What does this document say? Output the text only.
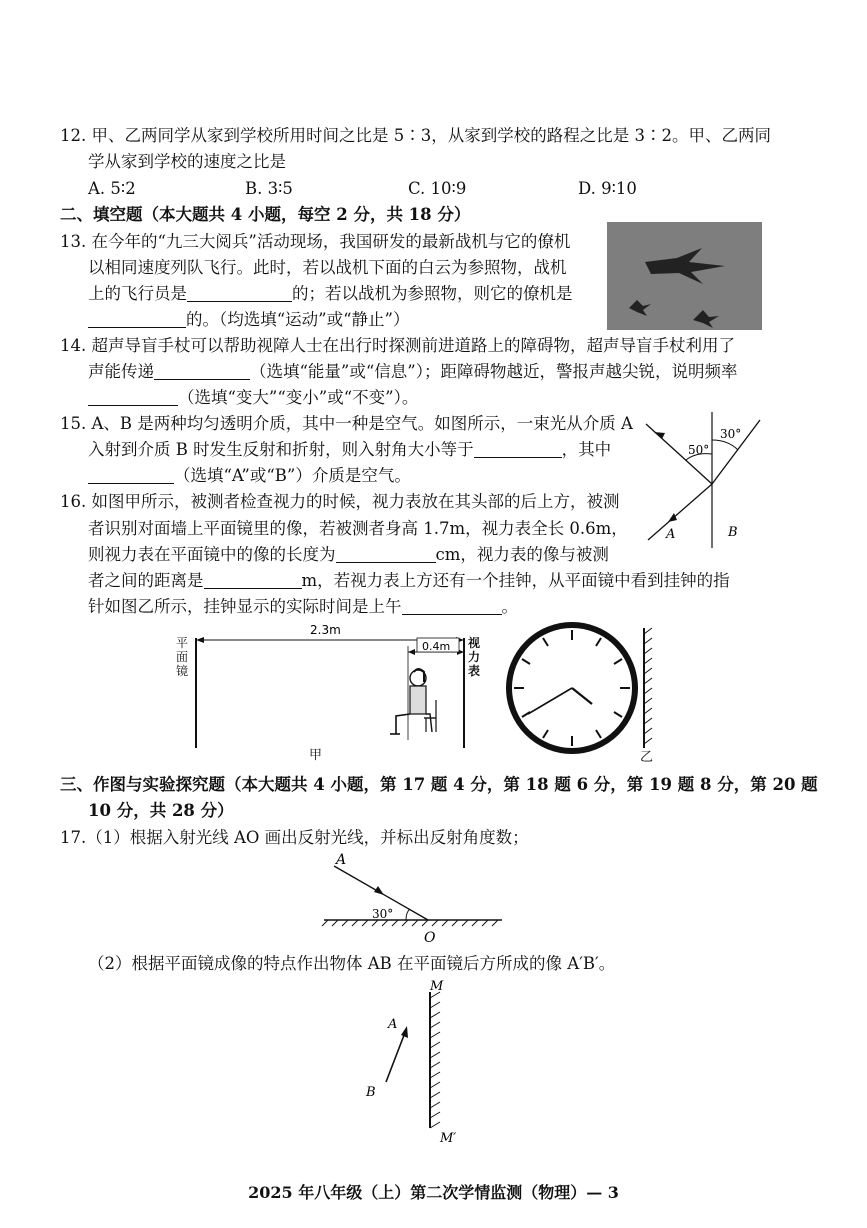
12. 甲、乙两同学从家到学校所用时间之比是 5∶3，从家到学校的路程之比是 3∶2。甲、乙两同
学从家到学校的速度之比是
A. 5∶2	B. 3∶5	C. 10∶9	D. 9∶10
二、填空题（本大题共 4 小题，每空 2 分，共 18 分）
13. 在今年的“九三大阅兵”活动现场，我国研发的最新战机与它的僚机
以相同速度列队飞行。此时，若以战机下面的白云为参照物，战机
上的飞行员是	的；若以战机为参照物，则它的僚机是
的。（均选填“运动”或“静止”）
14. 超声导盲手杖可以帮助视障人士在出行时探测前进道路上的障碍物，超声导盲手杖利用了
声能传递	（选填“能量”或“信息”）；距障碍物越近，警报声越尖锐，说明频率
（选填“变大”“变小”或“不变”）。
15. A、B 是两种均匀透明介质，其中一种是空气。如图所示，一束光从介质 A
入射到介质 B 时发生反射和折射，则入射角大小等于	，其中
（选填“A”或“B”）介质是空气。
50°
30°
A	B
16. 如图甲所示，被测者检查视力的时候，视力表放在其头部的后上方，被测
者识别对面墙上平面镜里的像，若被测者身高 1.7m，视力表全长 0.6m，
则视力表在平面镜中的像的长度为	cm，视力表的像与被测
者之间的距离是	m，若视力表上方还有一个挂钟，从平面镜中看到挂钟的指
针如图乙所示，挂钟显示的实际时间是上午	。
2.3m
0.4m
平面镜
视力表
甲	乙
三、作图与实验探究题（本大题共 4 小题，第 17 题 4 分，第 18 题 6 分，第 19 题 8 分，第 20 题
10 分，共 28 分）
17.（1）根据入射光线 AO 画出反射光线，并标出反射角度数；
30°
A
O
（2）根据平面镜成像的特点作出物体 AB 在平面镜后方所成的像 A′B′。
A
B
M
M′
2025 年八年级（上）第二次学情监测（物理）— 3
